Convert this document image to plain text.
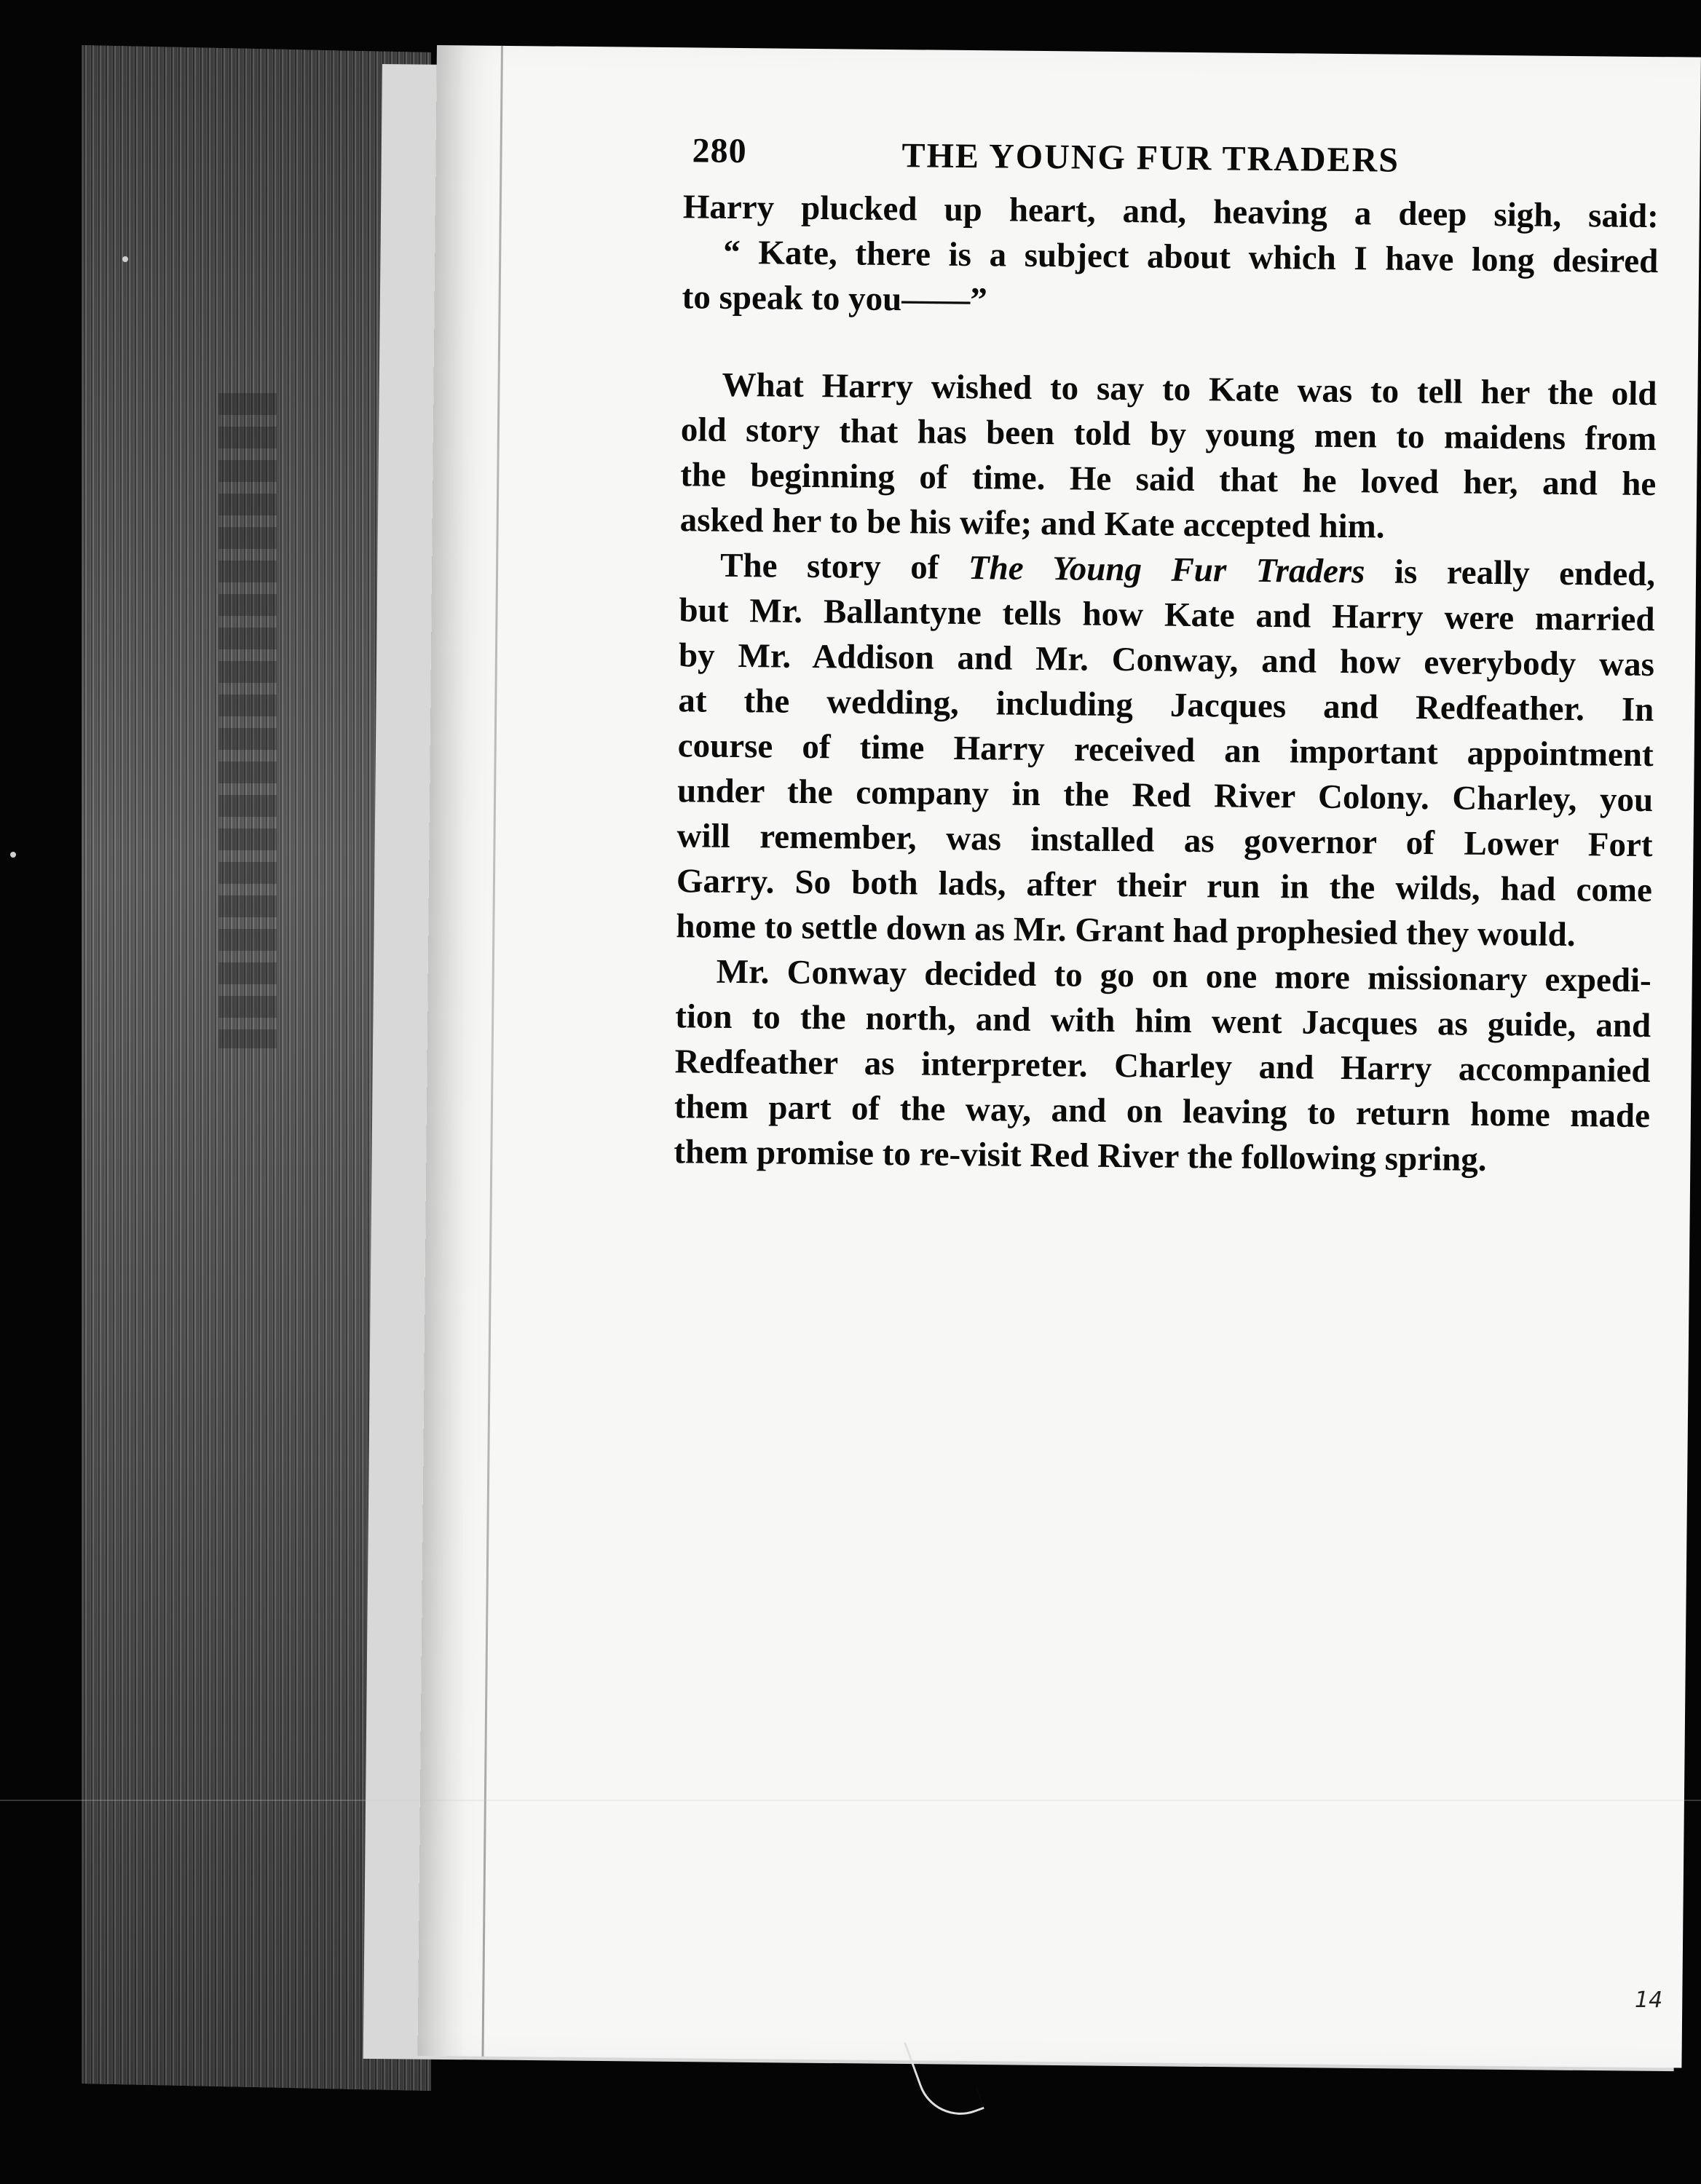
280	THE YOUNG FUR TRADERS
Harry plucked up heart, and, heaving a deep sigh, said:
“ Kate, there is a subject about which I have long desired
to speak to you——”
What Harry wished to say to Kate was to tell her the old
old story that has been told by young men to maidens from
the beginning of time. He said that he loved her, and he
asked her to be his wife; and Kate accepted him.
The story of The Young Fur Traders is really ended,
but Mr. Ballantyne tells how Kate and Harry were married
by Mr. Addison and Mr. Conway, and how everybody was
at the wedding, including Jacques and Redfeather. In
course of time Harry received an important appointment
under the company in the Red River Colony. Charley, you
will remember, was installed as governor of Lower Fort
Garry. So both lads, after their run in the wilds, had come
home to settle down as Mr. Grant had prophesied they would.
Mr. Conway decided to go on one more missionary expedi-
tion to the north, and with him went Jacques as guide, and
Redfeather as interpreter. Charley and Harry accompanied
them part of the way, and on leaving to return home made
them promise to re-visit Red River the following spring.
14
